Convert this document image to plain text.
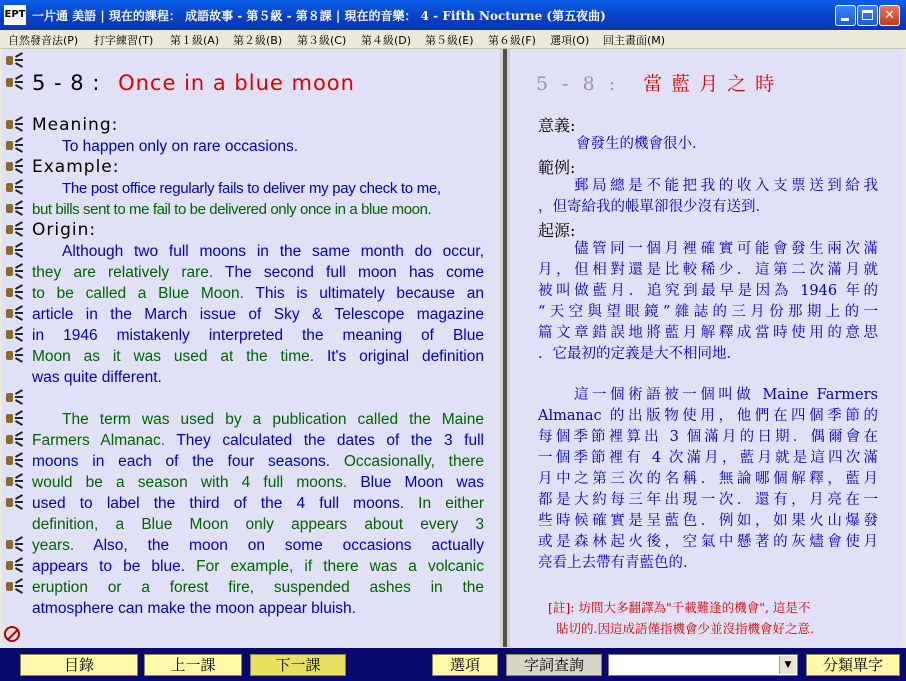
EPT 一片通 美語 | 現在的課程： 成語故事 - 第５級 - 第８課 | 現在的音樂： 4 - Fifth Nocturne (第五夜曲)	✕
自然發音法(P) 打字練習(T) 第１級(A) 第２級(B) 第３級(C) 第４級(D) 第５級(E) 第６級(F) 選項(O) 回主畫面(M)
5 - 8 : Once in a blue moon
Meaning:
To happen only on rare occasions.
Example:
The post office regularly fails to deliver my pay check to me,
but bills sent to me fail to be delivered only once in a blue moon.
Origin:
Although two full moons in the same month do occur,
they are relatively rare. The second full moon has come
to be called a Blue Moon. This is ultimately because an
article in the March issue of Sky & Telescope magazine
in 1946 mistakenly interpreted the meaning of Blue
Moon as it was used at the time. It's original definition
was quite different.
The term was used by a publication called the Maine
Farmers Almanac. They calculated the dates of the 3 full
moons in each of the four seasons. Occasionally, there
would be a season with 4 full moons. Blue Moon was
used to label the third of the 4 full moons. In either
definition, a Blue Moon only appears about every 3
years. Also, the moon on some occasions actually
appears to be blue. For example, if there was a volcanic
eruption or a forest fire, suspended ashes in the
atmosphere can make the moon appear bluish.
5 - 8 : 當藍月之時
意義:
會發生的機會很小．
範例:
郵局總是不能把我的收入支票送到給我
，但寄給我的帳單卻很少沒有送到．
起源:
儘管同一個月裡確實可能會發生兩次滿
月，但相對還是比較稀少．這第二次滿月就
被叫做藍月．追究到最早是因為 1946 年的
“天空與望眼鏡”雜誌的三月份那期上的一
篇文章錯誤地將藍月解釋成當時使用的意思
．它最初的定義是大不相同地．
這一個術語被一個叫做 Maine Farmers
Almanac 的出版物使用，他們在四個季節的
每個季節裡算出 3 個滿月的日期．偶爾會在
一個季節裡有 4 次滿月，藍月就是這四次滿
月中之第三次的名稱．無論哪個解釋，藍月
都是大約每三年出現一次．還有，月亮在一
些時候確實是呈藍色．例如，如果火山爆發
或是森林起火後，空氣中懸著的灰燼會使月
亮看上去帶有青藍色的．
[註]: 坊間大多翻譯為"千載難逢的機會", 這是不
貼切的.因這成語僅指機會少並沒指機會好之意.
目錄	上一課	下一課	選項	字詞查詢	▼	分類單字
